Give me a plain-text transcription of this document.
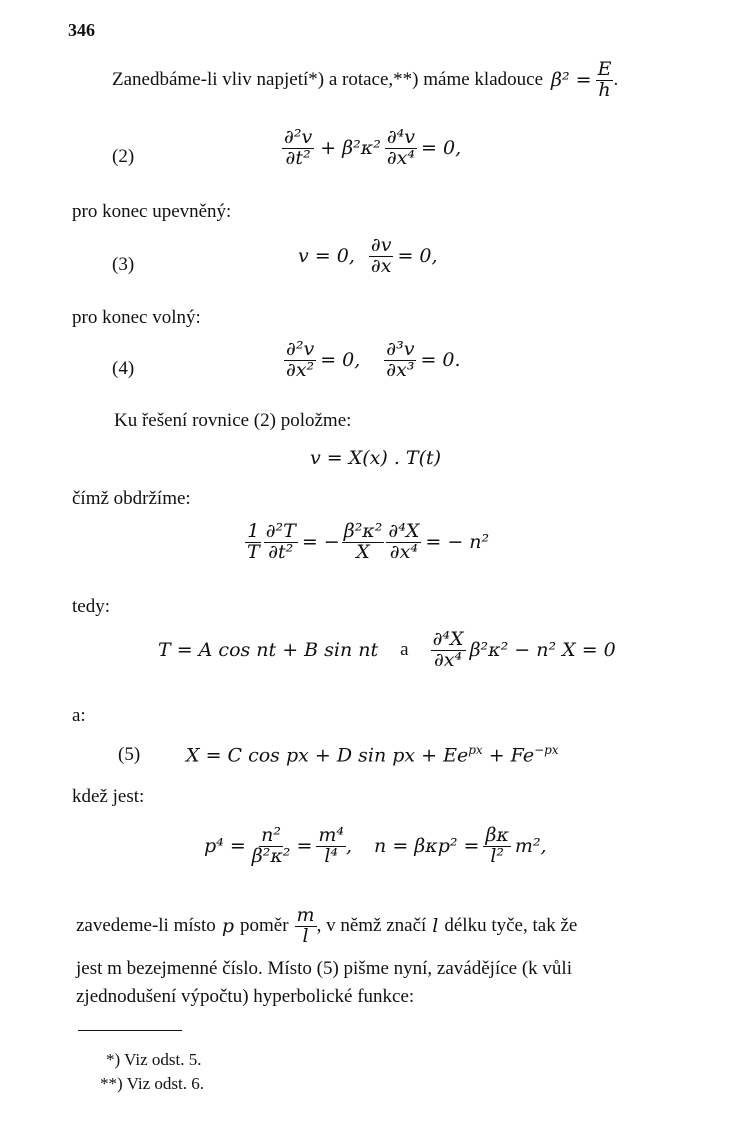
346
Zanedbáme-li vliv napjetí*) a rotace,**) máme kladouce $\beta^2 = \frac{E}{h}$ .
(2)	$\frac{\text{∂²v}}{\text{∂t²}} + \beta^2\kappa^2 \frac{\text{∂⁴v}}{\text{∂x⁴}} = 0$,
pro konec upevněný:
(3)	v = 0, $\frac{\partial v}{\partial x} = 0$,
pro konec volný:
(4)	$\frac{\text{∂²v}}{\text{∂x²}} = 0$, $\frac{\text{∂³v}}{\text{∂x³}} = 0$.
Ku řešení rovnice (2) položme:
v = X(x) . T(t)
čímž obdržíme:
$\frac{1}{T} \frac{\text{∂²T}}{\text{∂t²}}$ = − $\frac{\text{β²κ²}}{X} \frac{\text{∂⁴X}}{\text{∂x⁴}}$ = − n²
tedy:
T = A cos nt + B sin nt a $\frac{\text{∂⁴X}}{\text{∂x⁴}} \beta^2\kappa^2 - n^2$ X = 0
a:
(5) X = C cos px + D sin px + $Ee^{px} + Fe^{-px}$
kdež jest:
$p^4 = \frac{\text{n²}}{\text{β²κ²}} = \frac{\text{m⁴}}{\text{l⁴}}$ , $n = \beta\kappa p^2 = \frac{\beta\kappa}{\text{l²}} m^2$,
zavedeme-li místo p poměr $\frac{m}{l}$ , v němž značí l délku tyče, tak že
jest m bezejmenné číslo. Místo (5) pišme nyní, zavádějíce (k vůli
zjednodušení výpočtu) hyperbolické funkce:
*) Viz odst. 5.
**) Viz odst. 6.
